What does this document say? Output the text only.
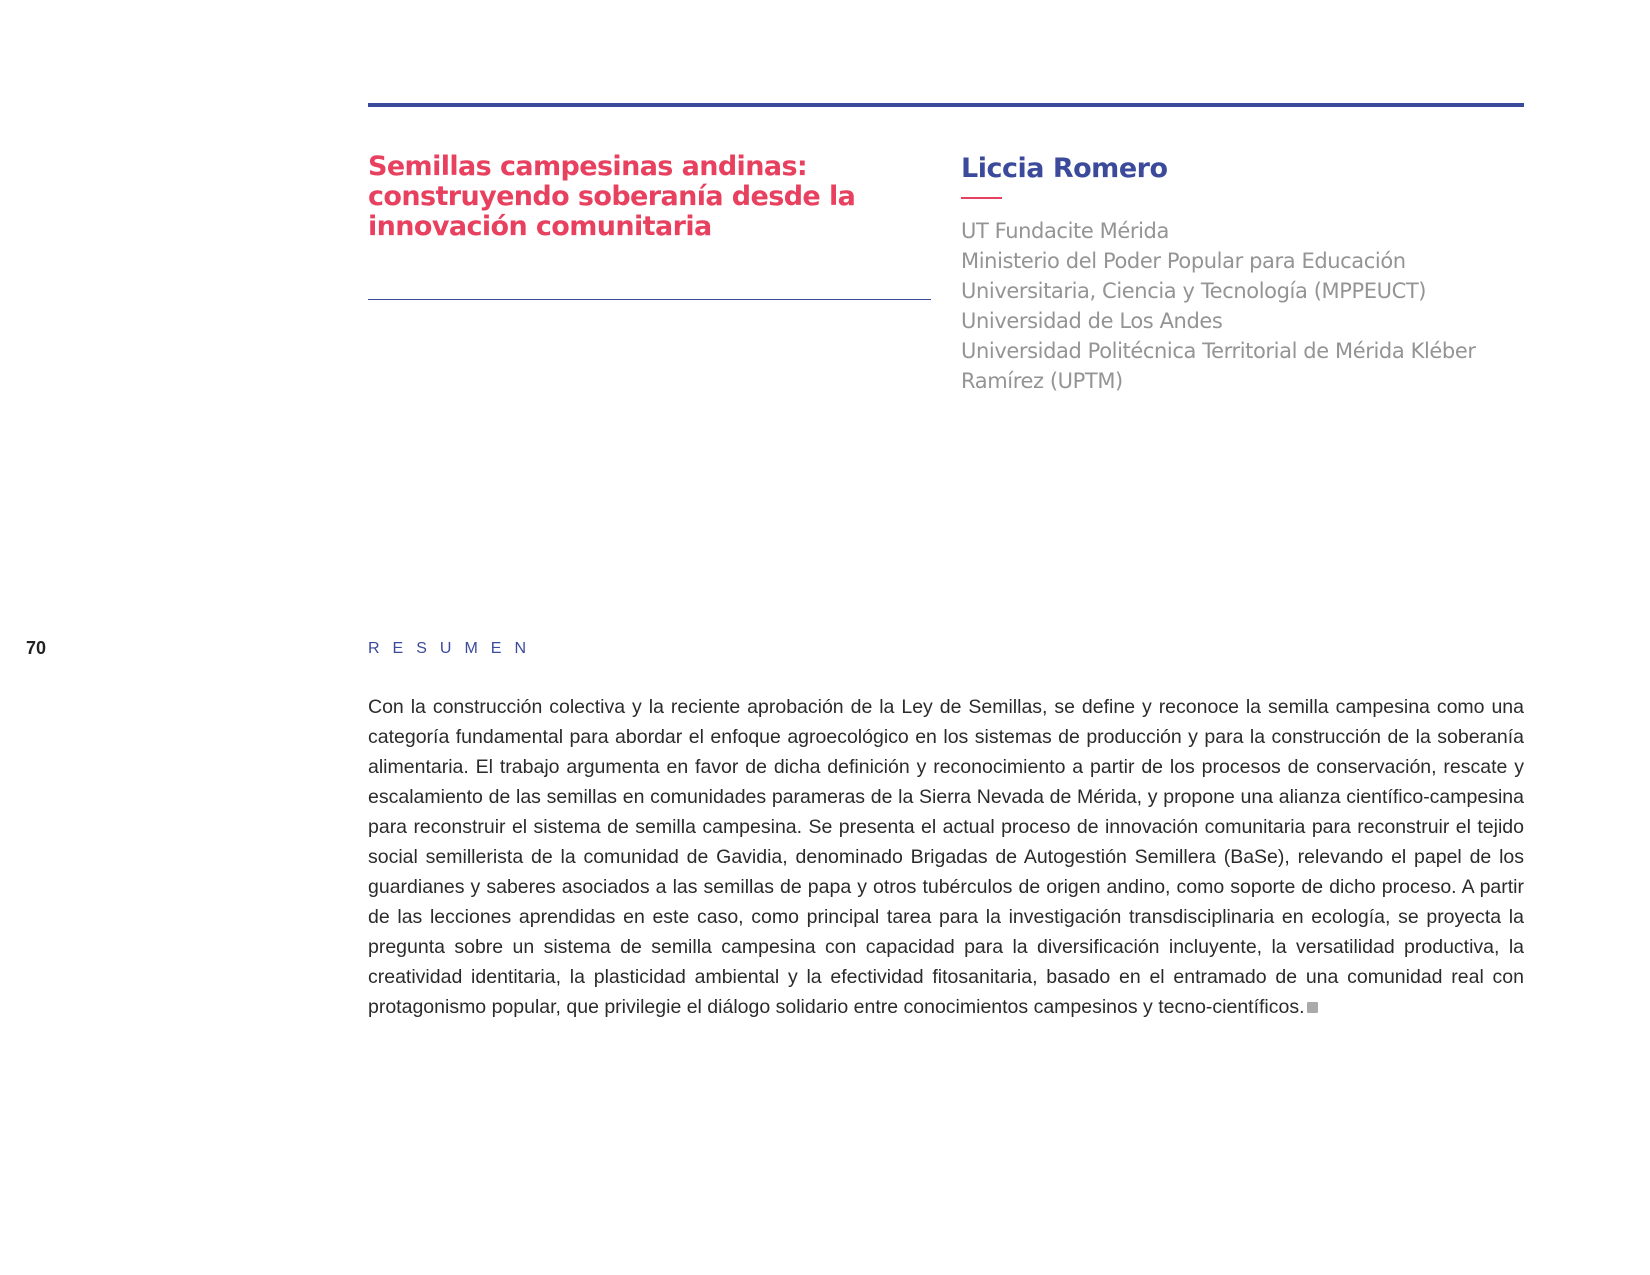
Semillas campesinas andinas: construyendo soberanía desde la innovación comunitaria
Liccia Romero
UT Fundacite Mérida
Ministerio del Poder Popular para Educación Universitaria, Ciencia y Tecnología (MPPEUCT)
Universidad de Los Andes
Universidad Politécnica Territorial de Mérida Kléber Ramírez (UPTM)
70	RESUMEN

Con la construcción colectiva y la reciente aprobación de la Ley de Semillas, se define y reconoce la semilla campesina como una categoría fundamental para abordar el enfoque agroecológico en los sistemas de producción y para la construcción de la soberanía alimentaria. El trabajo argumenta en favor de dicha definición y reconocimiento a partir de los procesos de conservación, rescate y escalamiento de las semillas en comunidades parameras de la Sierra Nevada de Mérida, y propone una alianza científico-campesina para reconstruir el sistema de semilla campesina. Se presenta el actual proceso de innovación comunitaria para reconstruir el tejido social semillerista de la comunidad de Gavidia, denominado Brigadas de Autogestión Semillera (BaSe), relevando el papel de los guardianes y saberes asociados a las semillas de papa y otros tubérculos de origen andino, como soporte de dicho proceso. A partir de las lecciones aprendidas en este caso, como principal tarea para la investigación transdisciplinaria en ecología, se proyecta la pregunta sobre un sistema de semilla campesina con capacidad para la diversificación incluyente, la versatilidad productiva, la creatividad identitaria, la plasticidad ambiental y la efectividad fitosanitaria, basado en el entramado de una comunidad real con protagonismo popular, que privilegie el diálogo solidario entre conocimientos campesinos y tecno-científicos.
